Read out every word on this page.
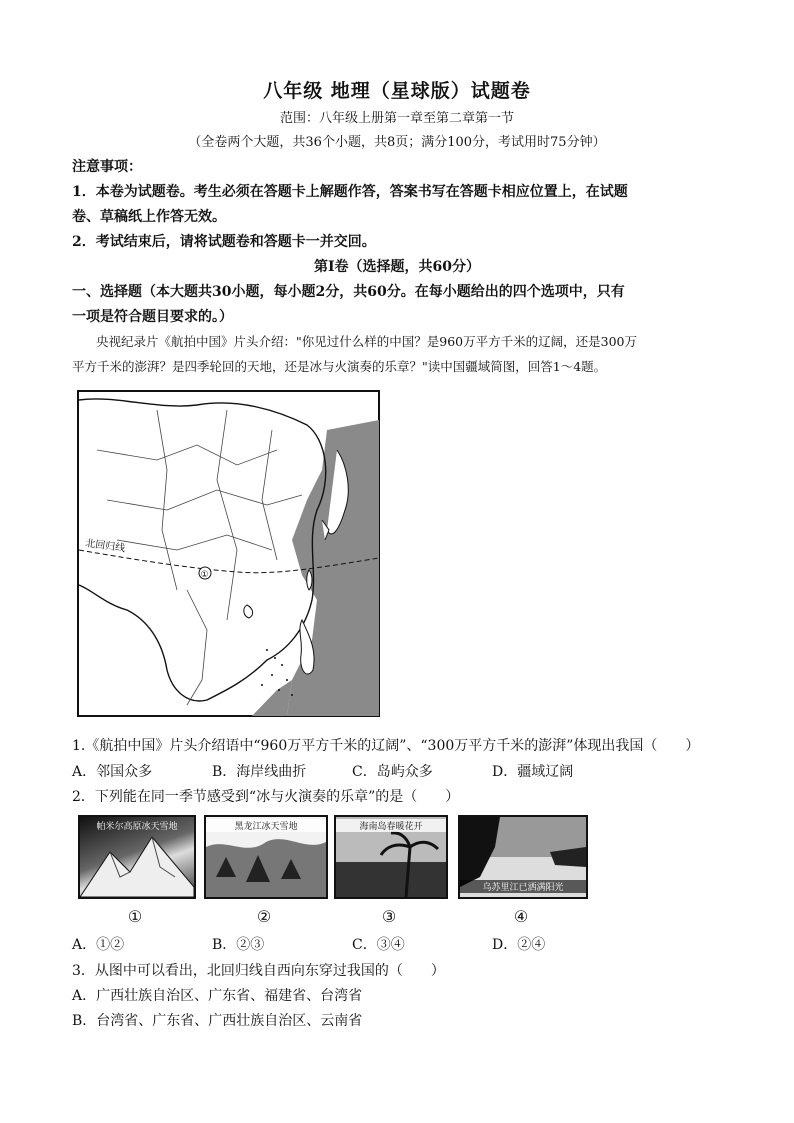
八年级 地理（星球版）试题卷
范围：八年级上册第一章至第二章第一节
（全卷两个大题，共36个小题，共8页；满分100分，考试用时75分钟）
注意事项：
1．本卷为试题卷。考生必须在答题卡上解题作答，答案书写在答题卡相应位置上，在试题
卷、草稿纸上作答无效。
2．考试结束后，请将试题卷和答题卡一并交回。
第Ⅰ卷（选择题，共60分）
一、选择题（本大题共30小题，每小题2分，共60分。在每小题给出的四个选项中，只有
一项是符合题目要求的。）
央视纪录片《航拍中国》片头介绍："你见过什么样的中国？是960万平方千米的辽阔，还是300万
平方千米的澎湃？是四季轮回的天地，还是冰与火演奏的乐章？"读中国疆域简图，回答1～4题。
北回归线
①
1.《航拍中国》片头介绍语中“960万平方千米的辽阔”、“300万平方千米的澎湃”体现出我国（　　）
A．邻国众多	B．海岸线曲折	C．岛屿众多	D．疆域辽阔
2．下列能在同一季节感受到“冰与火演奏的乐章”的是（　　）
帕米尔高原冰天雪地	黑龙江冰天雪地	海南岛春暖花开
乌苏里江已洒满阳光
①	②	③	④
A．①②	B．②③	C．③④	D．②④
3．从图中可以看出，北回归线自西向东穿过我国的（　　）
A．广西壮族自治区、广东省、福建省、台湾省
B．台湾省、广东省、广西壮族自治区、云南省
